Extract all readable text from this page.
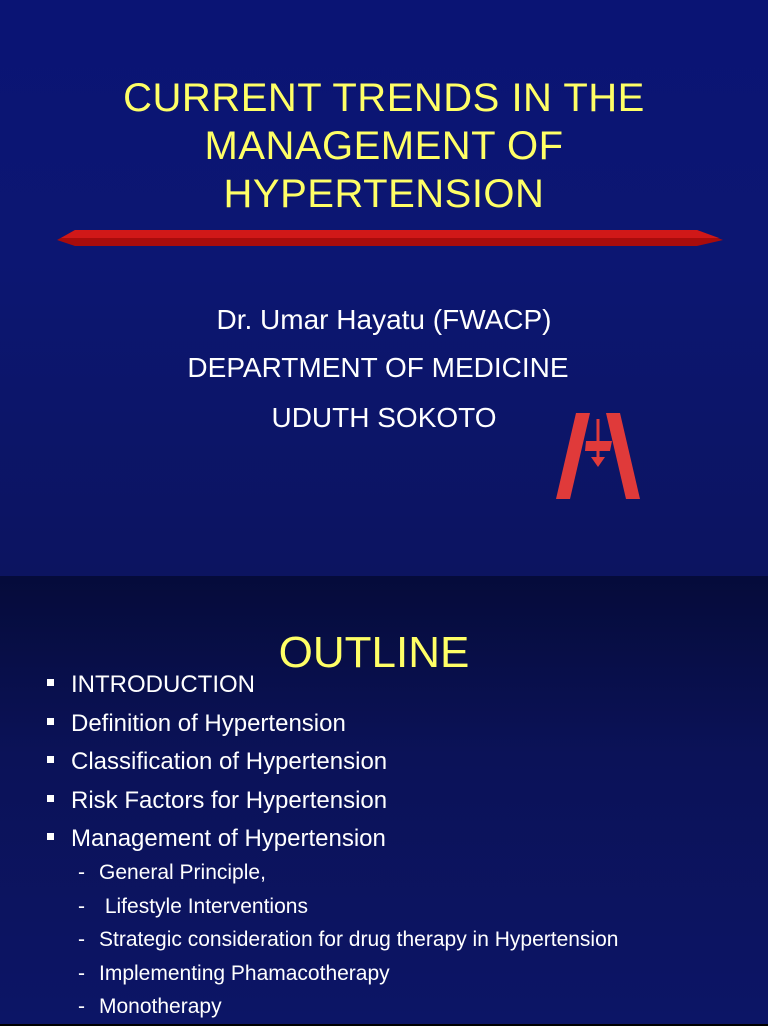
CURRENT TRENDS IN THE
MANAGEMENT OF
HYPERTENSION

Dr. Umar Hayatu (FWACP)

DEPARTMENT OF MEDICINE

UDUTH SOKOTO

OUTLINE
INTRODUCTION
Definition of Hypertension
Classification of Hypertension
Risk Factors for Hypertension
Management of Hypertension
- General Principle,
- Lifestyle Interventions
- Strategic consideration for drug therapy in Hypertension
- Implementing Phamacotherapy
- Monotherapy
